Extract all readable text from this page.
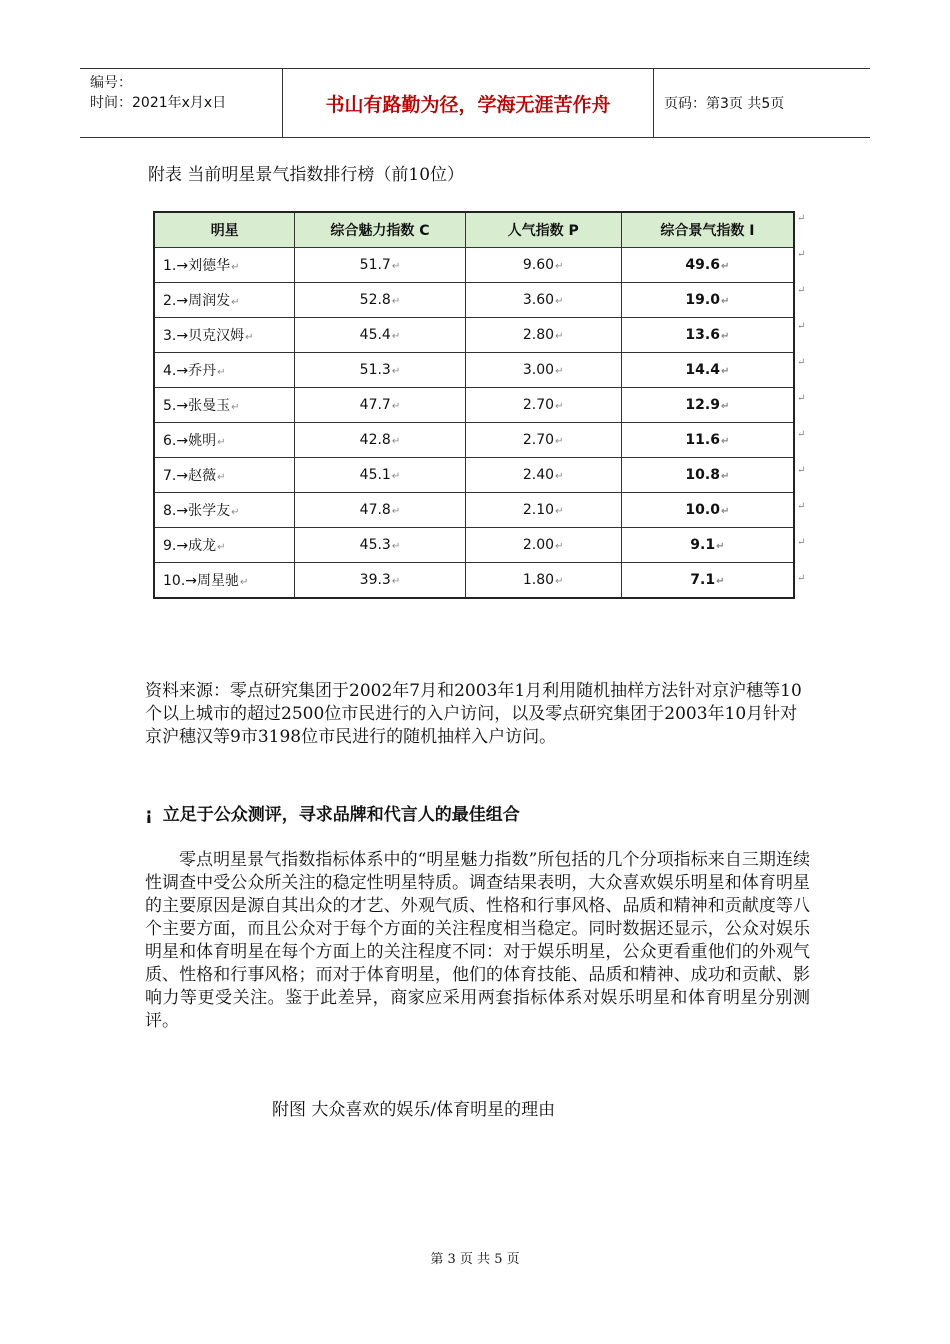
编号：
时间：2021年x月x日	书山有路勤为径，学海无涯苦作舟	页码：第3页 共5页
附表 当前明星景气指数排行榜（前10位）
明星	综合魅力指数 C	人气指数 P	综合景气指数 I
1.→刘德华↵	51.7↵	9.60↵	49.6↵
2.→周润发↵	52.8↵	3.60↵	19.0↵
3.→贝克汉姆↵	45.4↵	2.80↵	13.6↵
4.→乔丹↵	51.3↵	3.00↵	14.4↵
5.→张曼玉↵	47.7↵	2.70↵	12.9↵
6.→姚明↵	42.8↵	2.70↵	11.6↵
7.→赵薇↵	45.1↵	2.40↵	10.8↵
8.→张学友↵	47.8↵	2.10↵	10.0↵
9.→成龙↵	45.3↵	2.00↵	9.1↵
10.→周星驰↵	39.3↵	1.80↵	7.1↵
↵
↵
↵
↵
↵
↵
↵
↵
↵
↵
↵
资料来源：零点研究集团于2002年7月和2003年1月利用随机抽样方法针对京沪穗等10个以上城市的超过2500位市民进行的入户访问，以及零点研究集团于2003年10月针对京沪穗汉等9市3198位市民进行的随机抽样入户访问。
¡ 立足于公众测评，寻求品牌和代言人的最佳组合
零点明星景气指数指标体系中的“明星魅力指数”所包括的几个分项指标来自三期连续性调查中受公众所关注的稳定性明星特质。调查结果表明，大众喜欢娱乐明星和体育明星的主要原因是源自其出众的才艺、外观气质、性格和行事风格、品质和精神和贡献度等八个主要方面，而且公众对于每个方面的关注程度相当稳定。同时数据还显示，公众对娱乐明星和体育明星在每个方面上的关注程度不同：对于娱乐明星，公众更看重他们的外观气质、性格和行事风格；而对于体育明星，他们的体育技能、品质和精神、成功和贡献、影响力等更受关注。鉴于此差异，商家应采用两套指标体系对娱乐明星和体育明星分别测评。
附图 大众喜欢的娱乐/体育明星的理由
第 3 页 共 5 页
